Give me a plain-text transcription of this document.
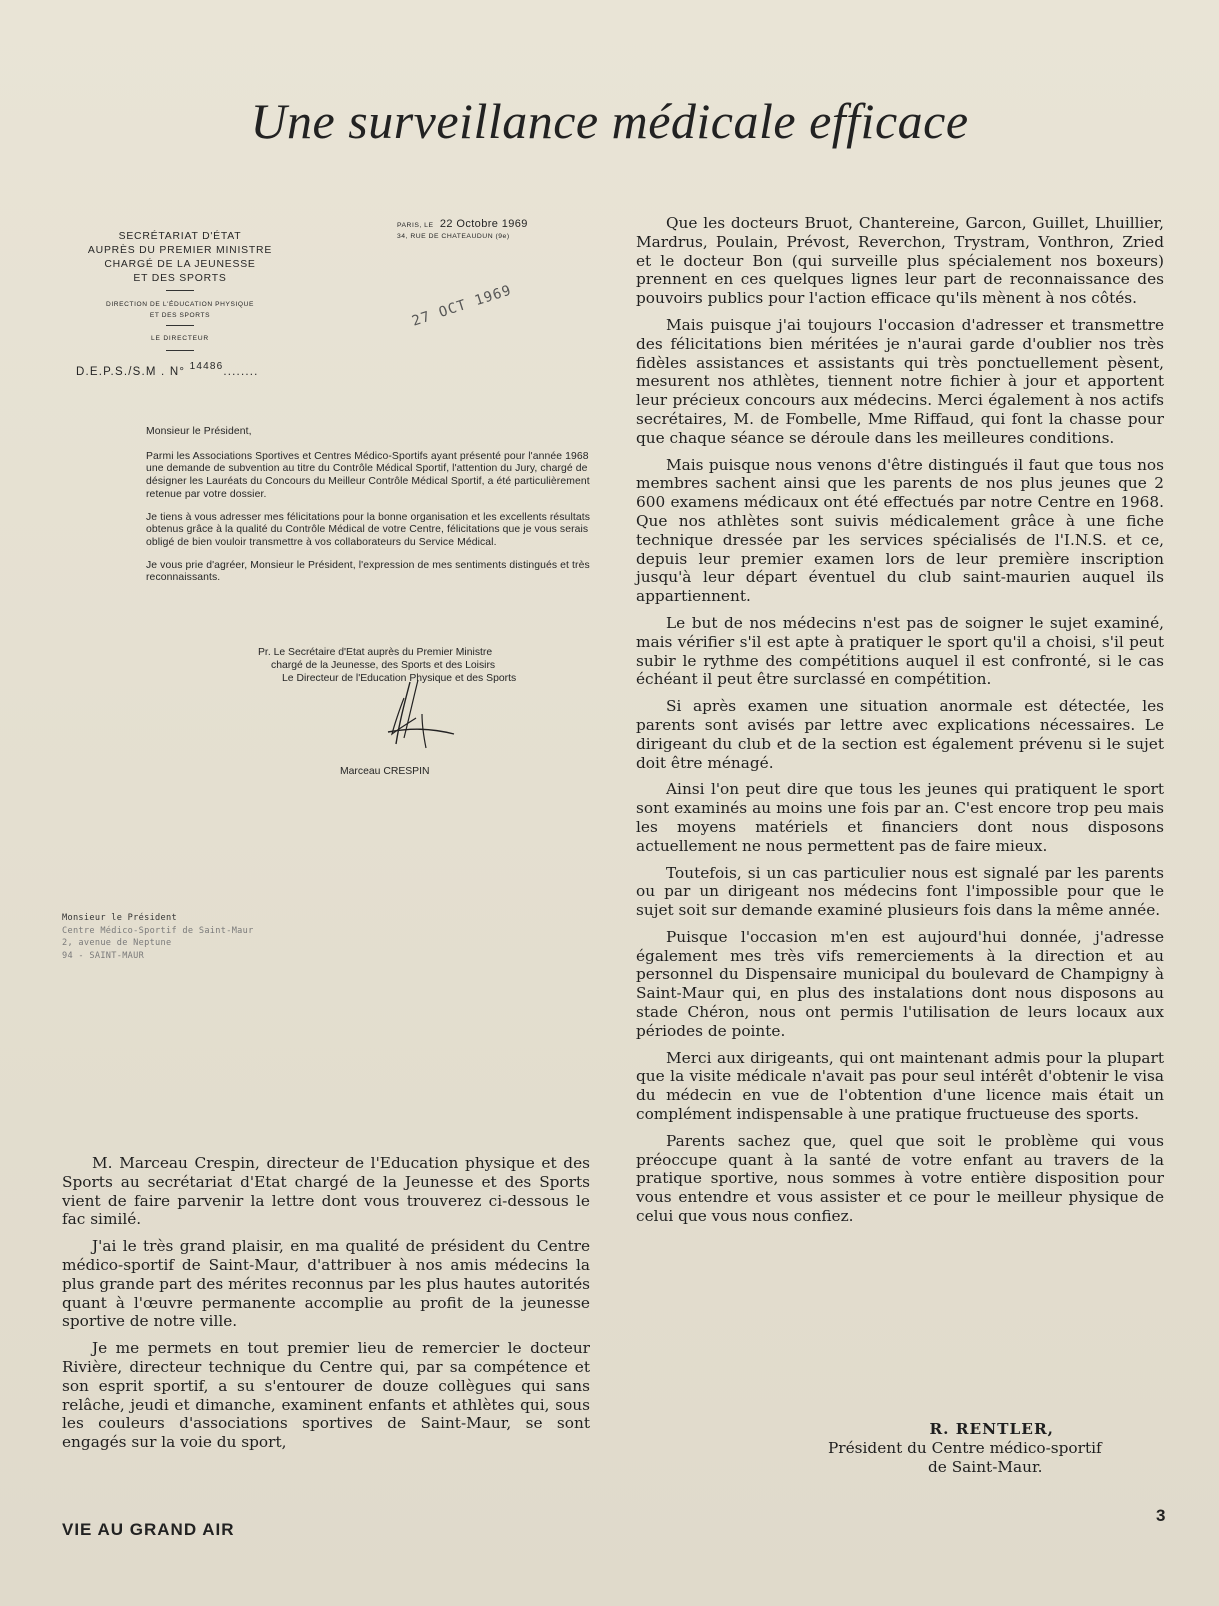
Une surveillance médicale efficace
SECRÉTARIAT D'ÉTAT
AUPRÈS DU PREMIER MINISTRE
CHARGÉ DE LA JEUNESSE
ET DES SPORTS
DIRECTION DE L'ÉDUCATION PHYSIQUE
ET DES SPORTS
LE DIRECTEUR
PARIS, LE 22 Octobre 1969
34, RUE DE CHATEAUDUN (9e)
27 OCT 1969
D.E.P.S./S.M . N° 14486........

Monsieur le Président,

Parmi les Associations Sportives et Centres Médico-Sportifs ayant présenté pour l'année 1968 une demande de subvention au titre du Contrôle Médical Sportif, l'attention du Jury, chargé de désigner les Lauréats du Concours du Meilleur Contrôle Médical Sportif, a été particulièrement retenue par votre dossier.

Je tiens à vous adresser mes félicitations pour la bonne organisation et les excellents résultats obtenus grâce à la qualité du Contrôle Médical de votre Centre, félicitations que je vous serais obligé de bien vouloir transmettre à vos collaborateurs du Service Médical.

Je vous prie d'agréer, Monsieur le Président, l'expression de mes sentiments distingués et très reconnaissants.

Pr. Le Secrétaire d'Etat auprès du Premier Ministre
chargé de la Jeunesse, des Sports et des Loisirs
Le Directeur de l'Education Physique et des Sports
Marceau CRESPIN
Monsieur le Président
Centre Médico-Sportif de Saint-Maur
2, avenue de Neptune
94 - SAINT-MAUR

M. Marceau Crespin, directeur de l'Education physique et des Sports au secrétariat d'Etat chargé de la Jeunesse et des Sports vient de faire parvenir la lettre dont vous trouverez ci-dessous le fac similé.

J'ai le très grand plaisir, en ma qualité de président du Centre médico-sportif de Saint-Maur, d'attribuer à nos amis médecins la plus grande part des mérites reconnus par les plus hautes autorités quant à l'œuvre permanente accomplie au profit de la jeunesse sportive de notre ville.

Je me permets en tout premier lieu de remercier le docteur Rivière, directeur technique du Centre qui, par sa compétence et son esprit sportif, a su s'entourer de douze collègues qui sans relâche, jeudi et dimanche, examinent enfants et athlètes qui, sous les couleurs d'associations sportives de Saint-Maur, se sont engagés sur la voie du sport,

Que les docteurs Bruot, Chantereine, Garcon, Guillet, Lhuillier, Mardrus, Poulain, Prévost, Reverchon, Trystram, Vonthron, Zried et le docteur Bon (qui surveille plus spécialement nos boxeurs) prennent en ces quelques lignes leur part de reconnaissance des pouvoirs publics pour l'action efficace qu'ils mènent à nos côtés.

Mais puisque j'ai toujours l'occasion d'adresser et transmettre des félicitations bien méritées je n'aurai garde d'oublier nos très fidèles assistances et assistants qui très ponctuellement pèsent, mesurent nos athlètes, tiennent notre fichier à jour et apportent leur précieux concours aux médecins. Merci également à nos actifs secrétaires, M. de Fombelle, Mme Riffaud, qui font la chasse pour que chaque séance se déroule dans les meilleures conditions.

Mais puisque nous venons d'être distingués il faut que tous nos membres sachent ainsi que les parents de nos plus jeunes que 2 600 examens médicaux ont été effectués par notre Centre en 1968. Que nos athlètes sont suivis médicalement grâce à une fiche technique dressée par les services spécialisés de l'I.N.S. et ce, depuis leur premier examen lors de leur première inscription jusqu'à leur départ éventuel du club saint-maurien auquel ils appartiennent.

Le but de nos médecins n'est pas de soigner le sujet examiné, mais vérifier s'il est apte à pratiquer le sport qu'il a choisi, s'il peut subir le rythme des compétitions auquel il est confronté, si le cas échéant il peut être surclassé en compétition.

Si après examen une situation anormale est détectée, les parents sont avisés par lettre avec explications nécessaires. Le dirigeant du club et de la section est également prévenu si le sujet doit être ménagé.

Ainsi l'on peut dire que tous les jeunes qui pratiquent le sport sont examinés au moins une fois par an. C'est encore trop peu mais les moyens matériels et financiers dont nous disposons actuellement ne nous permettent pas de faire mieux.

Toutefois, si un cas particulier nous est signalé par les parents ou par un dirigeant nos médecins font l'impossible pour que le sujet soit sur demande examiné plusieurs fois dans la même année.

Puisque l'occasion m'en est aujourd'hui donnée, j'adresse également mes très vifs remerciements à la direction et au personnel du Dispensaire municipal du boulevard de Champigny à Saint-Maur qui, en plus des instalations dont nous disposons au stade Chéron, nous ont permis l'utilisation de leurs locaux aux périodes de pointe.

Merci aux dirigeants, qui ont maintenant admis pour la plupart que la visite médicale n'avait pas pour seul intérêt d'obtenir le visa du médecin en vue de l'obtention d'une licence mais était un complément indispensable à une pratique fructueuse des sports.

Parents sachez que, quel que soit le problème qui vous préoccupe quant à la santé de votre enfant au travers de la pratique sportive, nous sommes à votre entière disposition pour vous entendre et vous assister et ce pour le meilleur physique de celui que vous nous confiez.

R. RENTLER,
Président du Centre médico-sportif
de Saint-Maur.
VIE AU GRAND AIR
3
